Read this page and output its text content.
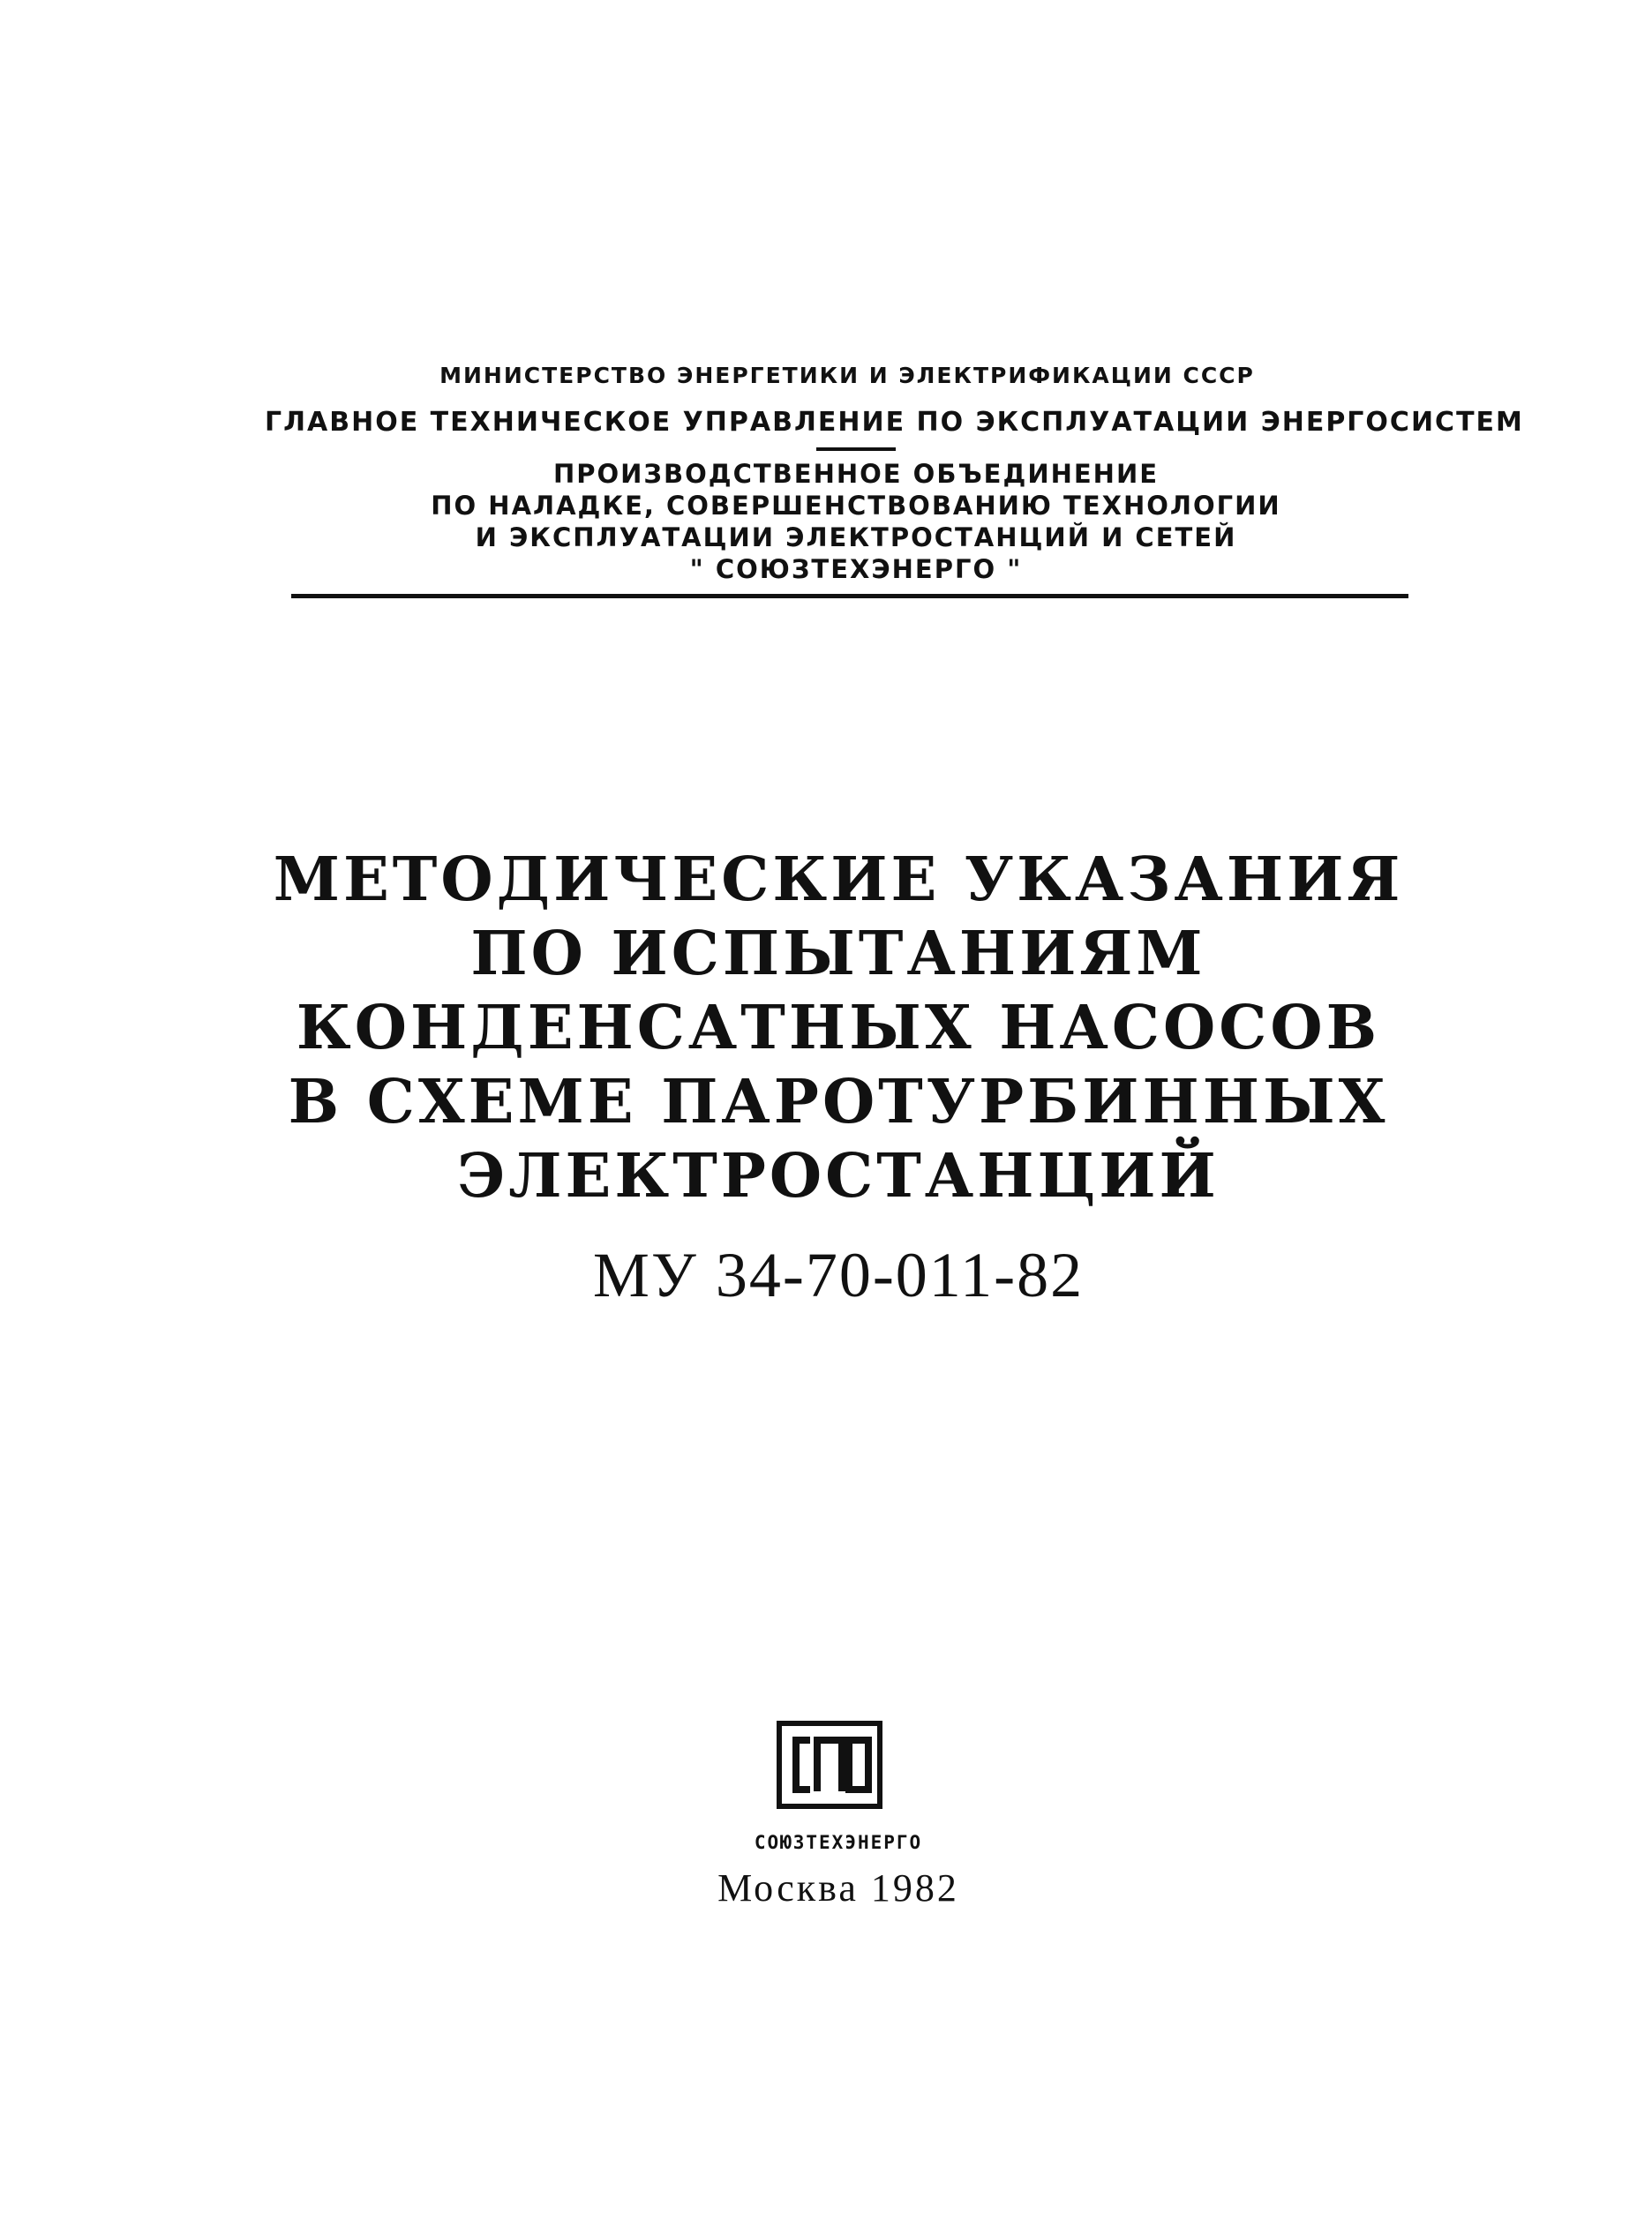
МИНИСТЕРСТВО ЭНЕРГЕТИКИ И ЭЛЕКТРИФИКАЦИИ СССР
ГЛАВНОЕ ТЕХНИЧЕСКОЕ УПРАВЛЕНИЕ ПО ЭКСПЛУАТАЦИИ ЭНЕРГОСИСТЕМ
ПРОИЗВОДСТВЕННОЕ ОБЪЕДИНЕНИЕ
ПО НАЛАДКЕ, СОВЕРШЕНСТВОВАНИЮ ТЕХНОЛОГИИ
И ЭКСПЛУАТАЦИИ ЭЛЕКТРОСТАНЦИЙ И СЕТЕЙ
" СОЮЗТЕХЭНЕРГО "
МЕТОДИЧЕСКИЕ УКАЗАНИЯ
ПО ИСПЫТАНИЯМ
КОНДЕНСАТНЫХ НАСОСОВ
В СХЕМЕ ПАРОТУРБИННЫХ
ЭЛЕКТРОСТАНЦИЙ
МУ 34-70-011-82
СОЮЗТЕХЭНЕРГО
Москва 1982
